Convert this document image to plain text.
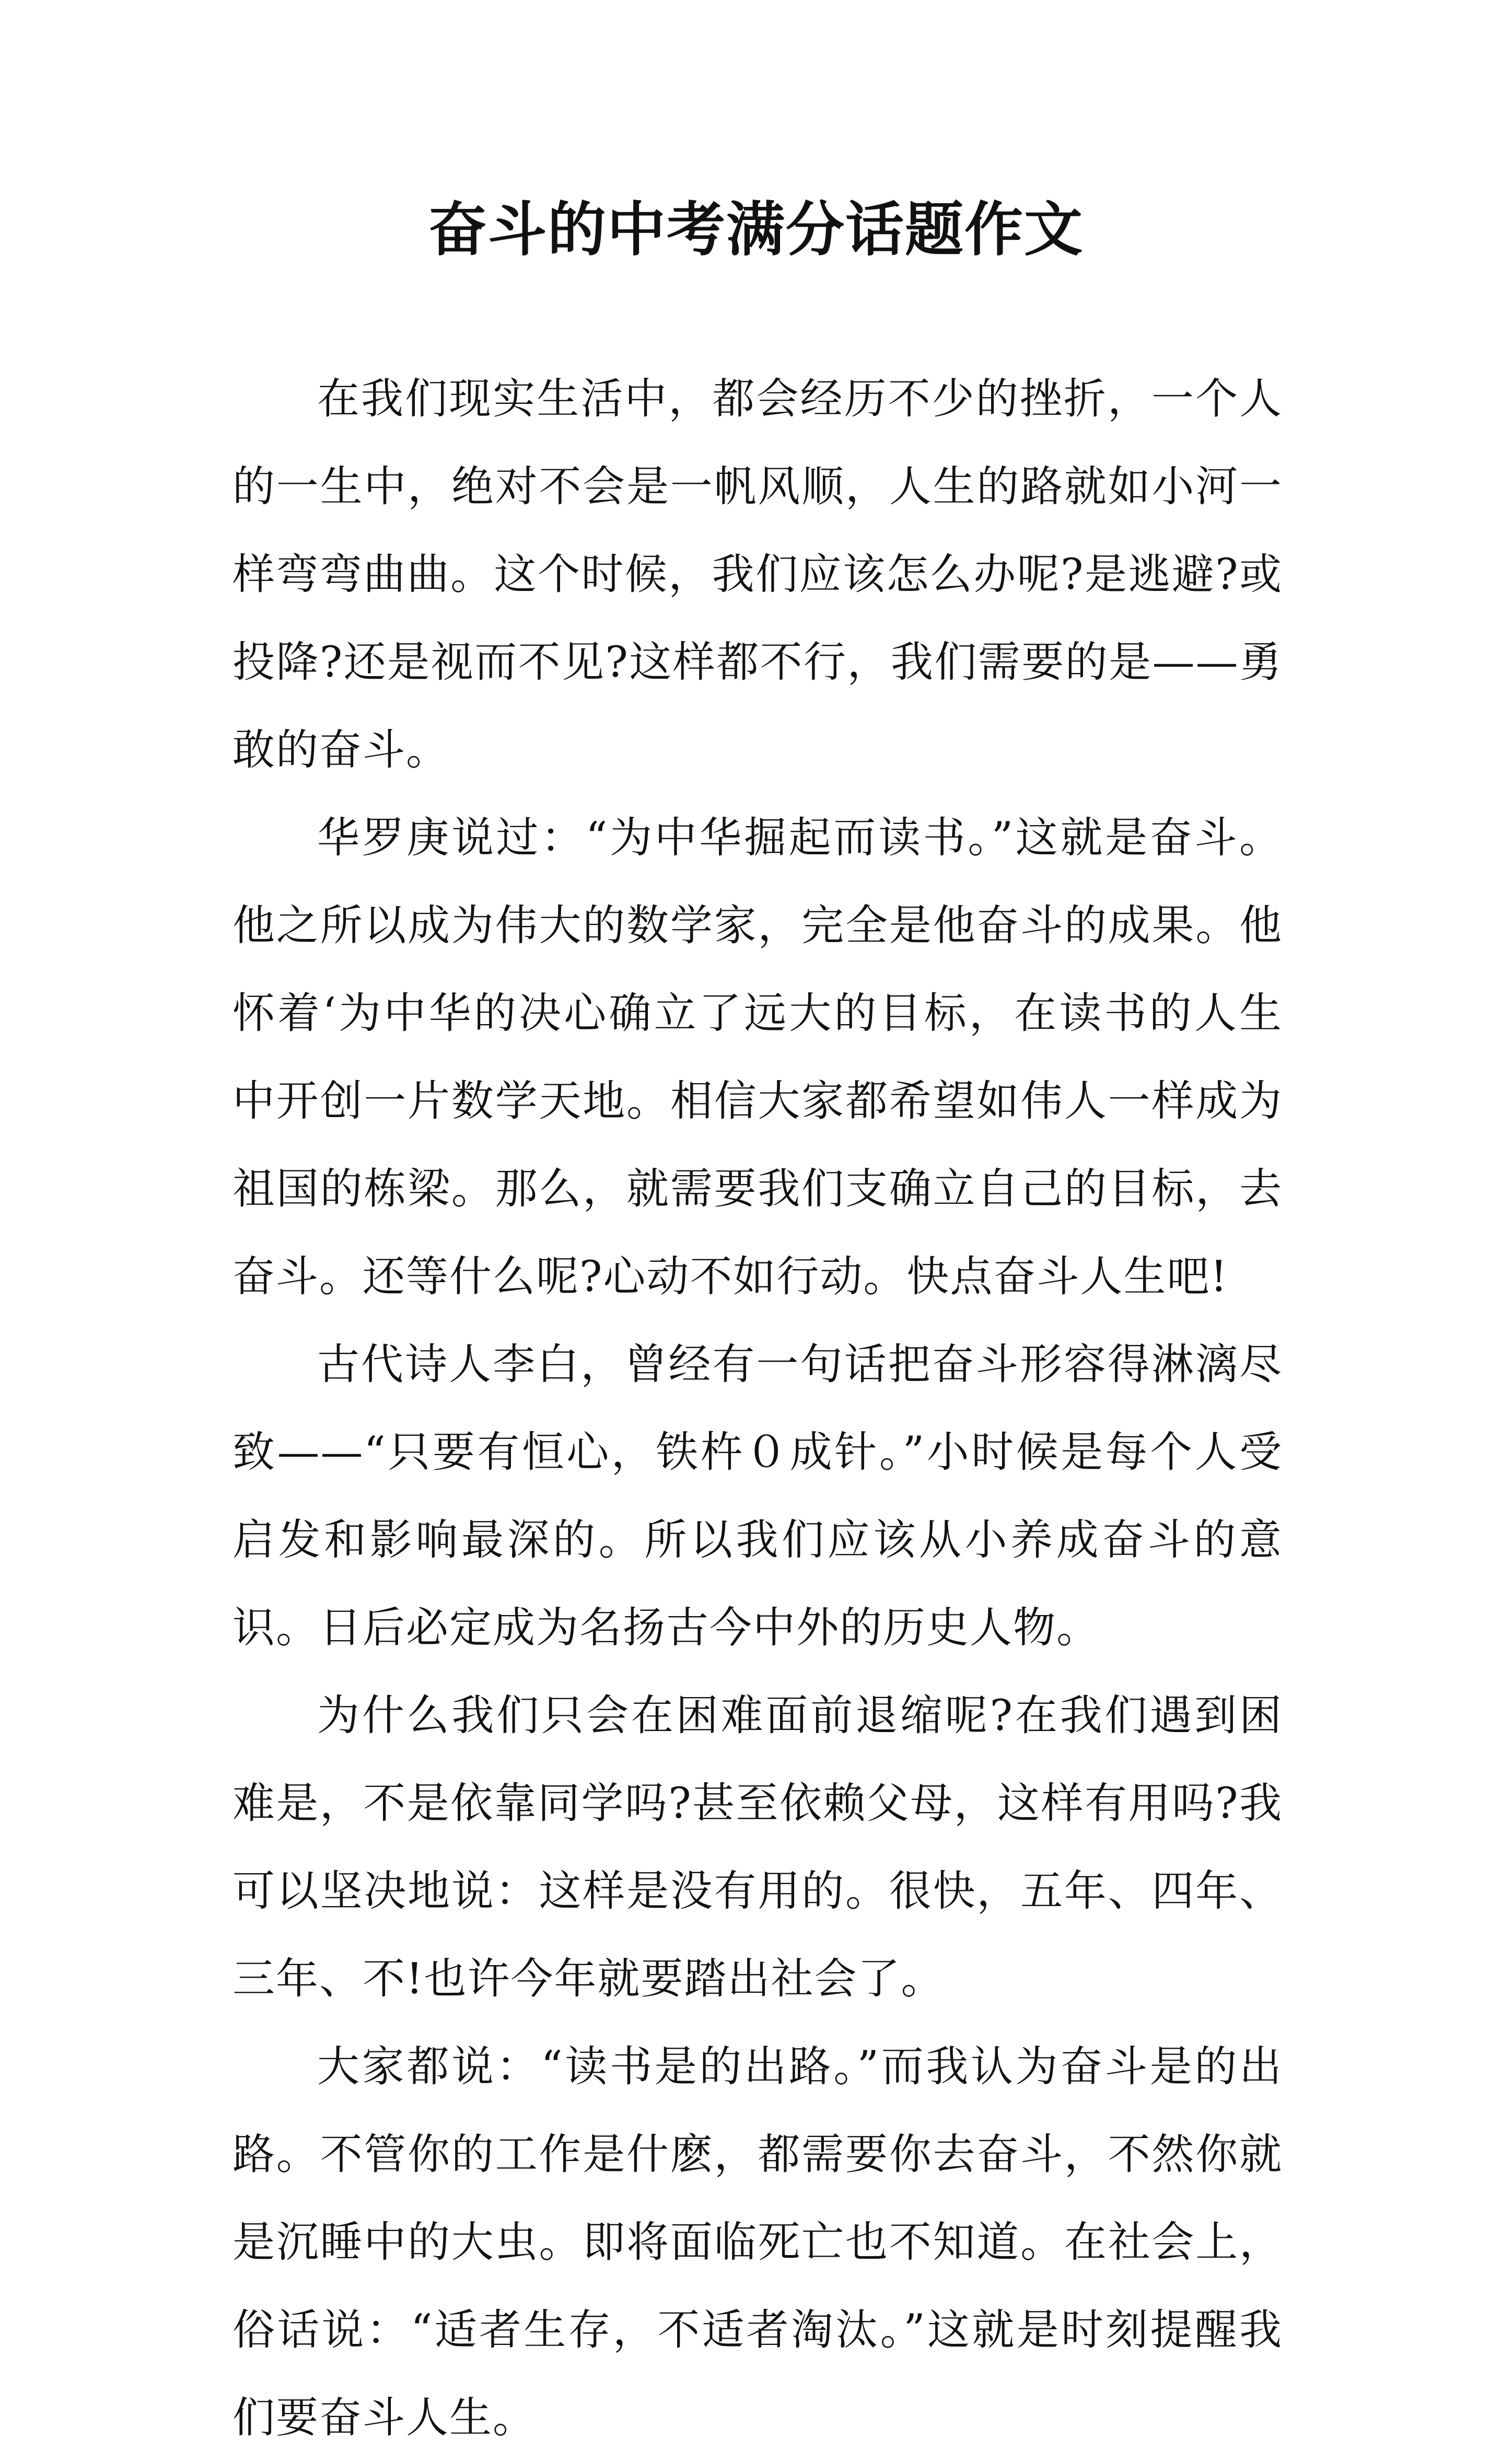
奋斗的中考满分话题作文

在我们现实生活中，都会经历不少的挫折，一个人的一生中，绝对不会是一帆风顺，人生的路就如小河一样弯弯曲曲。这个时候，我们应该怎么办呢?是逃避?或投降?还是视而不见?这样都不行，我们需要的是——勇敢的奋斗。

华罗庚说过：“为中华掘起而读书。”这就是奋斗。他之所以成为伟大的数学家，完全是他奋斗的成果。他怀着‘为中华的决心确立了远大的目标，在读书的人生中开创一片数学天地。相信大家都希望如伟人一样成为祖国的栋梁。那么，就需要我们支确立自己的目标，去奋斗。还等什么呢?心动不如行动。快点奋斗人生吧!

古代诗人李白，曾经有一句话把奋斗形容得淋漓尽致——“只要有恒心，铁杵０成针。”小时候是每个人受启发和影响最深的。所以我们应该从小养成奋斗的意识。日后必定成为名扬古今中外的历史人物。

为什么我们只会在困难面前退缩呢?在我们遇到困难是，不是依靠同学吗?甚至依赖父母，这样有用吗?我可以坚决地说：这样是没有用的。很快，五年、四年、三年、不!也许今年就要踏出社会了。

大家都说：“读书是的出路。”而我认为奋斗是的出路。不管你的工作是什麽，都需要你去奋斗，不然你就是沉睡中的大虫。即将面临死亡也不知道。在社会上，俗话说：“适者生存，不适者淘汰。”这就是时刻提醒我们要奋斗人生。
